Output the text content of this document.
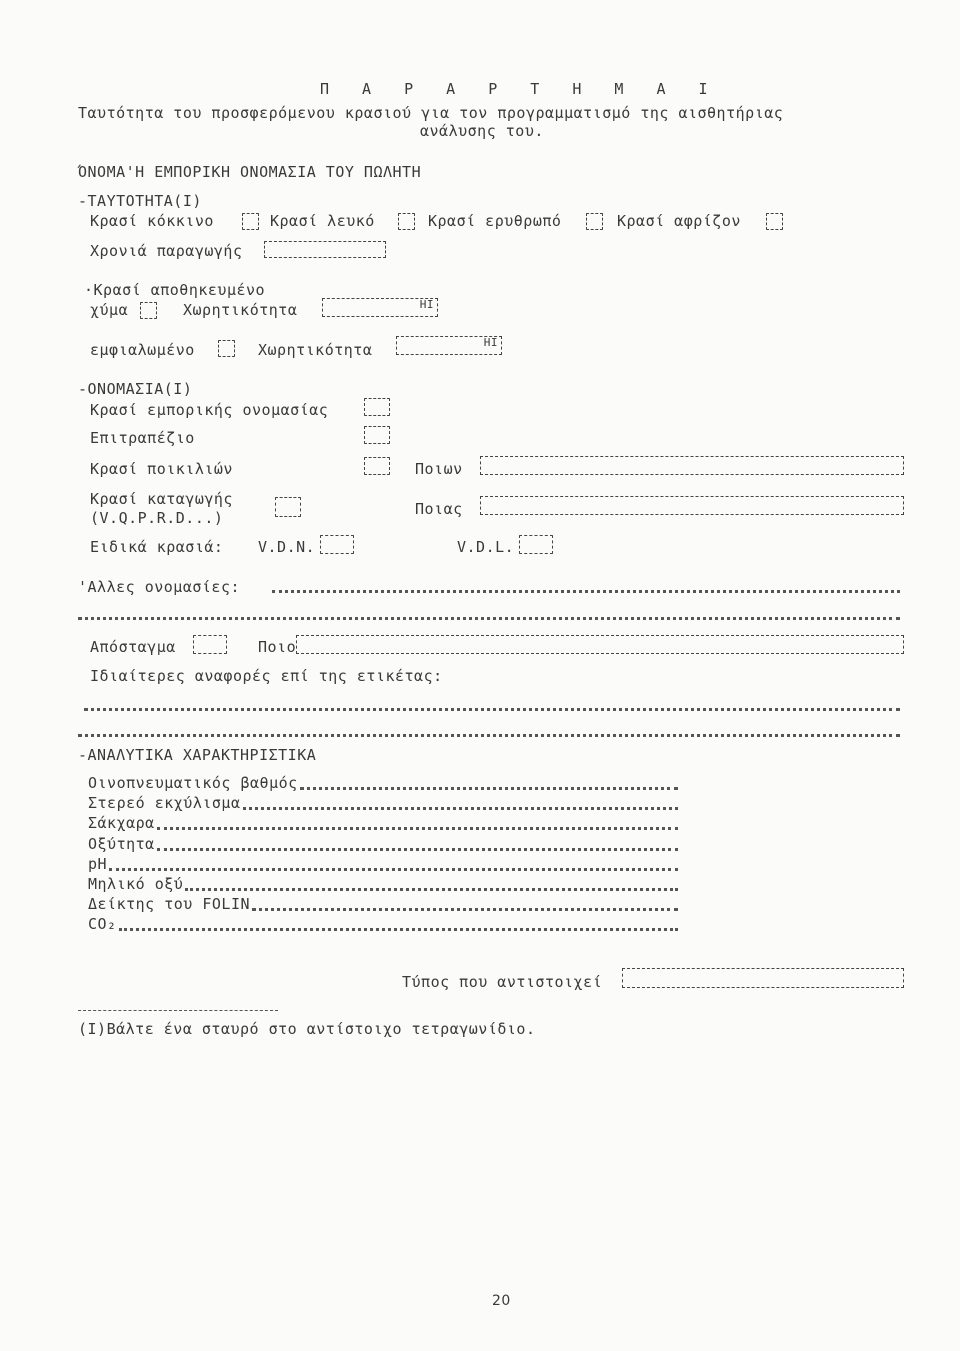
Π Α Ρ Α Ρ Τ Η Μ Α Ι
Ταυτότητα του προσφερόμενου κρασιού για τον προγραμματισμό της αισθητήριας
ανάλυσης του.
ΌΝΟΜΑ'Η ΕΜΠΟΡΙΚΗ ΟΝΟΜΑΣΙΑ ΤΟΥ ΠΩΛΗΤΗ
-ΤΑΥΤΟΤΗΤΑ(Ι)
Κρασί κόκκινο	Κρασί λευκό	Κρασί ερυθρωπό	Κρασί αφρίζον
Χρονιά παραγωγής
·Κρασί αποθηκευμένο
χύμα	Χωρητικότητα	ΗΙ
εμφιαλωμένο	Χωρητικότητα	ΗΙ
-ΟΝΟΜΑΣΙΑ(Ι)
Κρασί εμπορικής ονομασίας
Επιτραπέζιο
Κρασί ποικιλιών	Ποιων
Κρασί καταγωγής
(V.Q.P.R.D...)	Ποιας
Ειδικά κρασιά: V.D.N.	V.D.L.
'Αλλες ονομασίες:
Απόσταγμα	Ποιο
Ιδιαίτερες αναφορές επί της ετικέτας:
-ΑΝΑΛΥΤΙΚΑ ΧΑΡΑΚΤΗΡΙΣΤΙΚΑ
Οινοπνευματικός βαθμός
Στερεό εκχύλισμα
Σάκχαρα
Οξύτητα
pH
Μηλικό οξύ
Δείκτης του FOLIN
CO₂
Τύπος που αντιστοιχεί
(Ι)Βάλτε ένα σταυρό στο αντίστοιχο τετραγωνίδιο.
20
